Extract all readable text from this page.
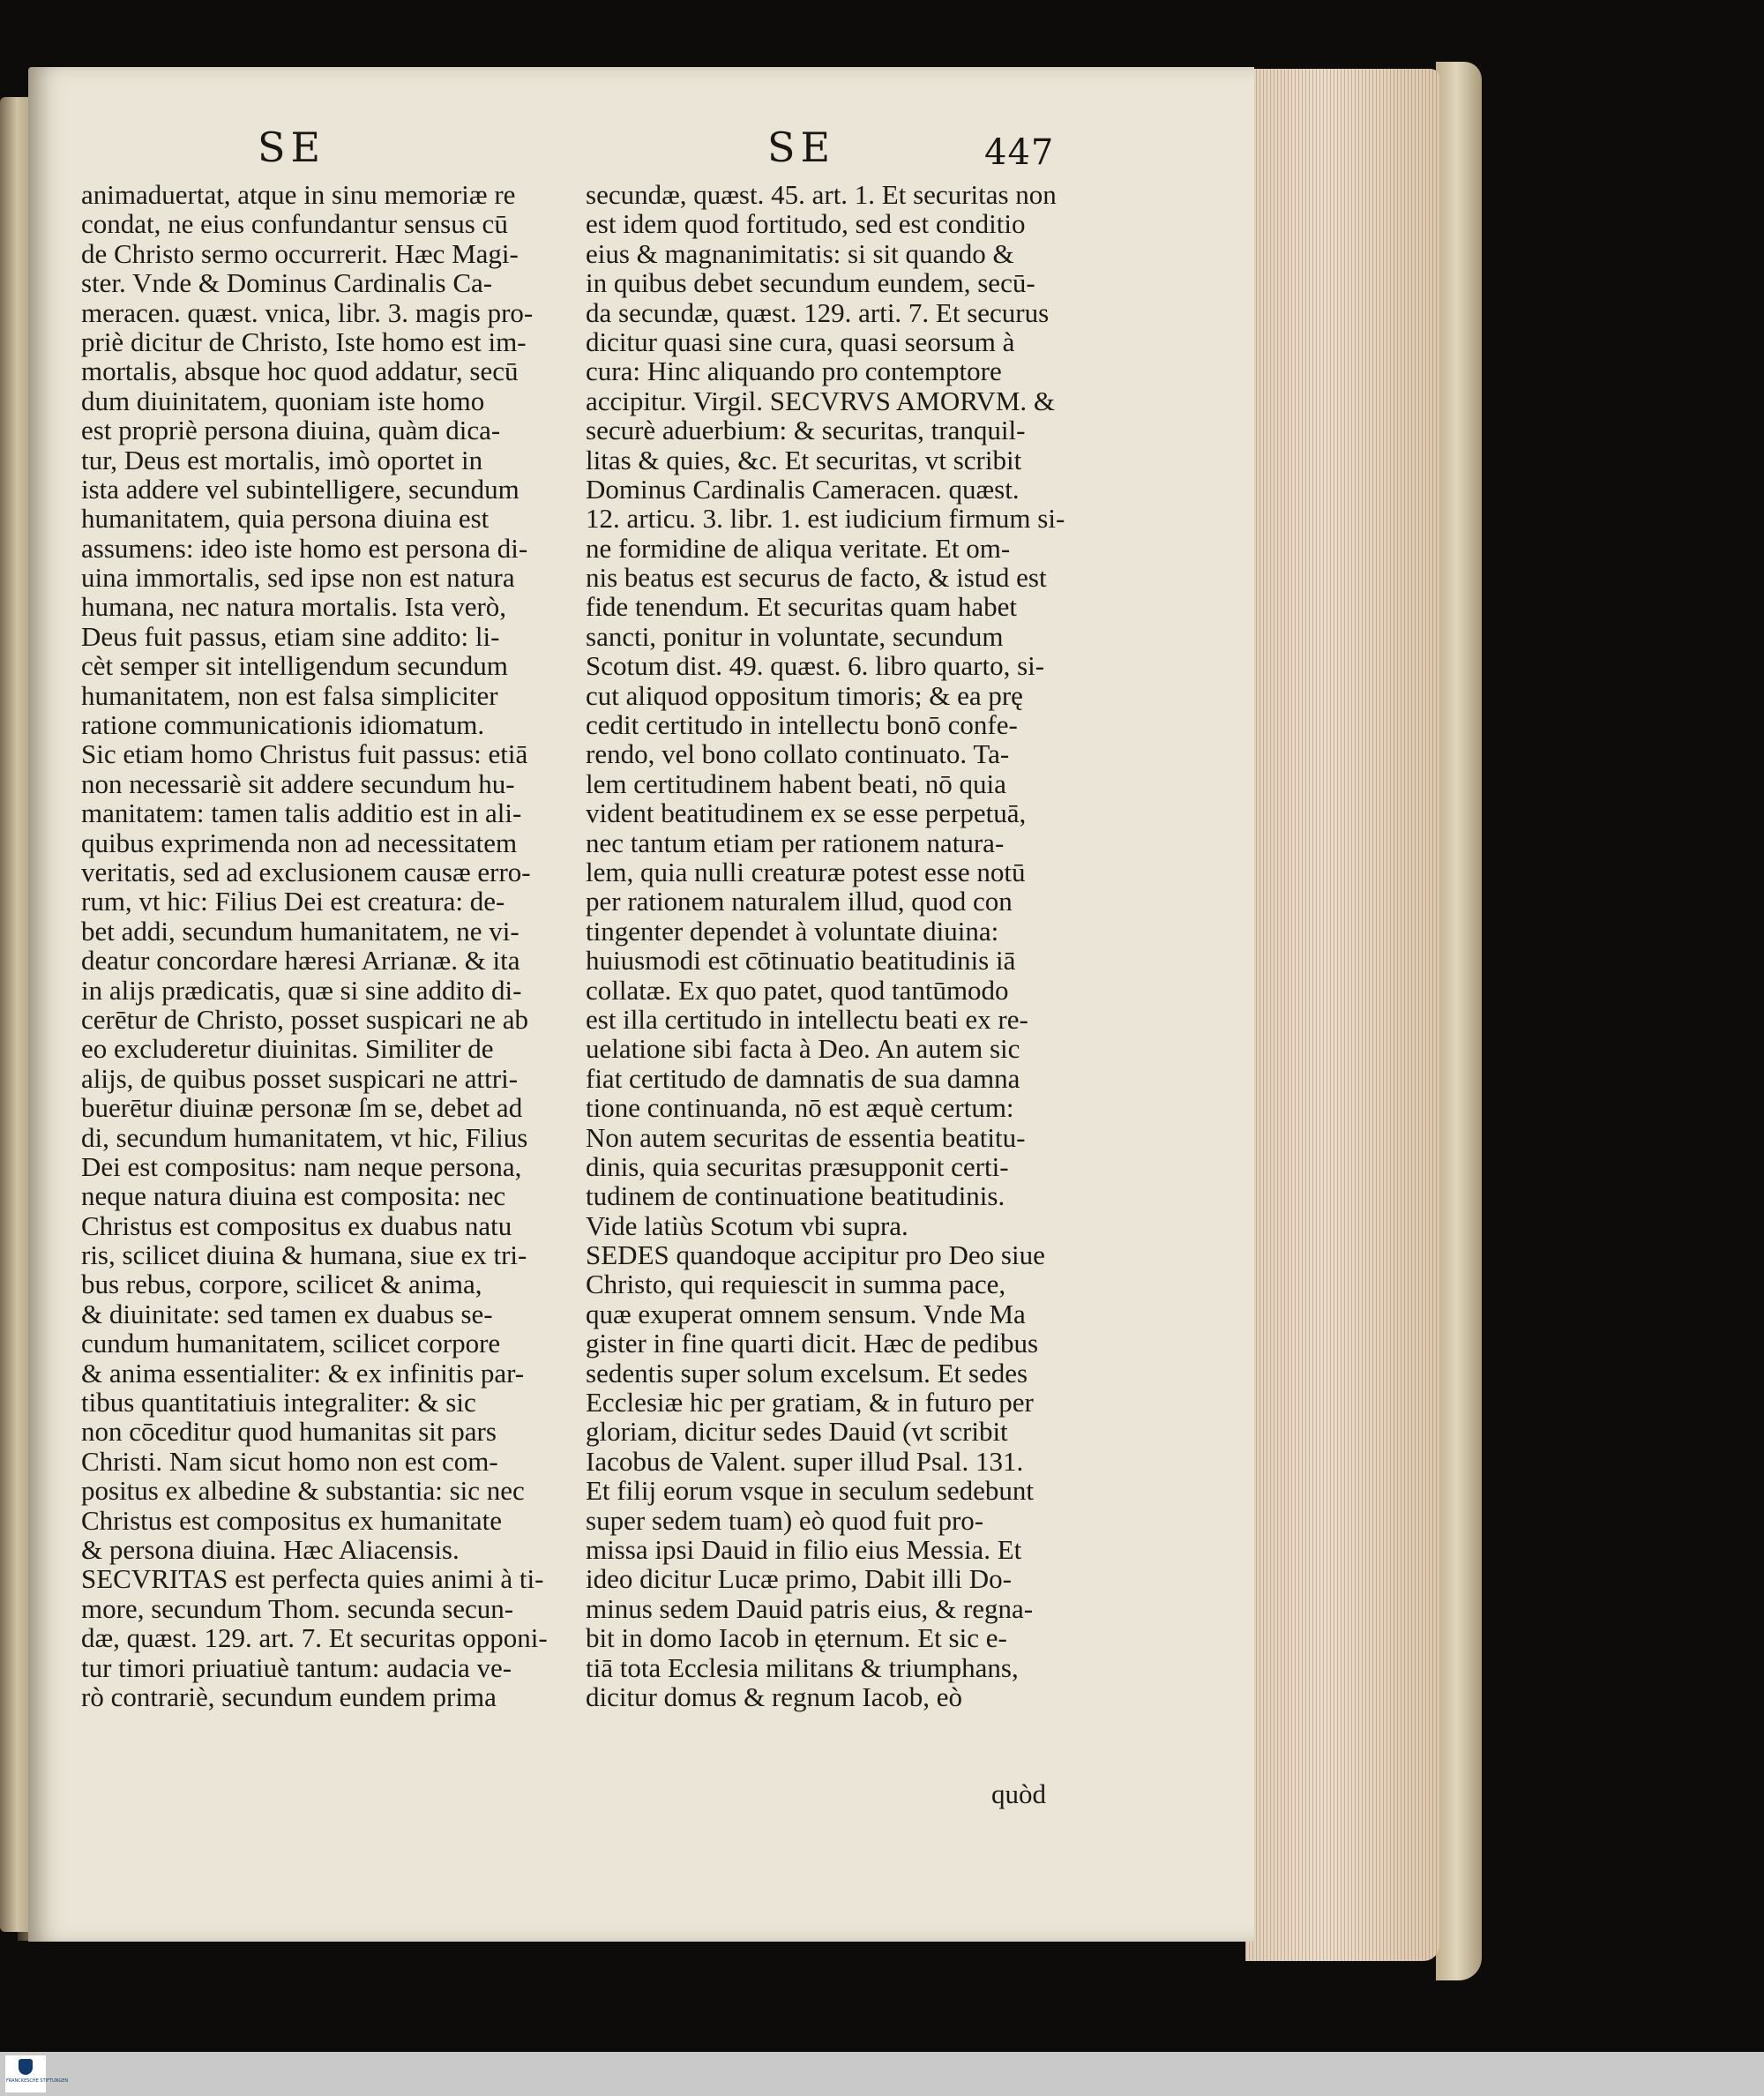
SE	SE	447
animaduertat, atque in sinu memoriæ re
condat, ne eius confundantur sensus cū
de Christo sermo occurrerit. Hæc Magi-
ster. Vnde & Dominus Cardinalis Ca-
meracen. quæst. vnica, libr. 3. magis pro-
priè dicitur de Christo, Iste homo est im-
mortalis, absque hoc quod addatur, secū
dum diuinitatem, quoniam iste homo
est propriè persona diuina, quàm dica-
tur, Deus est mortalis, imò oportet in
ista addere vel subintelligere, secundum
humanitatem, quia persona diuina est
assumens: ideo iste homo est persona di-
uina immortalis, sed ipse non est natura
humana, nec natura mortalis. Ista verò,
Deus fuit passus, etiam sine addito: li-
cèt semper sit intelligendum secundum
humanitatem, non est falsa simpliciter
ratione communicationis idiomatum.
Sic etiam homo Christus fuit passus: etiā
non necessariè sit addere secundum hu-
manitatem: tamen talis additio est in ali-
quibus exprimenda non ad necessitatem
veritatis, sed ad exclusionem causæ erro-
rum, vt hic: Filius Dei est creatura: de-
bet addi, secundum humanitatem, ne vi-
deatur concordare hæresi Arrianæ. & ita
in alijs prædicatis, quæ si sine addito di-
cerētur de Christo, posset suspicari ne ab
eo excluderetur diuinitas. Similiter de
alijs, de quibus posset suspicari ne attri-
buerētur diuinæ personæ ſm se, debet ad
di, secundum humanitatem, vt hic, Filius
Dei est compositus: nam neque persona,
neque natura diuina est composita: nec
Christus est compositus ex duabus natu
ris, scilicet diuina & humana, siue ex tri-
bus rebus, corpore, scilicet & anima,
& diuinitate: sed tamen ex duabus se-
cundum humanitatem, scilicet corpore
& anima essentialiter: & ex infinitis par-
tibus quantitatiuis integraliter: & sic
non cōceditur quod humanitas sit pars
Christi. Nam sicut homo non est com-
positus ex albedine & substantia: sic nec
Christus est compositus ex humanitate
& persona diuina. Hæc Aliacensis.
SECVRITAS est perfecta quies animi à ti-
more, secundum Thom. secunda secun-
dæ, quæst. 129. art. 7. Et securitas opponi-
tur timori priuatiuè tantum: audacia ve-
rò contrariè, secundum eundem prima
secundæ, quæst. 45. art. 1. Et securitas non
est idem quod fortitudo, sed est conditio
eius & magnanimitatis: si sit quando &
in quibus debet secundum eundem, secū-
da secundæ, quæst. 129. arti. 7. Et securus
dicitur quasi sine cura, quasi seorsum à
cura: Hinc aliquando pro contemptore
accipitur. Virgil. SECVRVS AMORVM. &
securè aduerbium: & securitas, tranquil-
litas & quies, &c. Et securitas, vt scribit
Dominus Cardinalis Cameracen. quæst.
12. articu. 3. libr. 1. est iudicium firmum si-
ne formidine de aliqua veritate. Et om-
nis beatus est securus de facto, & istud est
fide tenendum. Et securitas quam habet
sancti, ponitur in voluntate, secundum
Scotum dist. 49. quæst. 6. libro quarto, si-
cut aliquod oppositum timoris; & ea prę
cedit certitudo in intellectu bonō confe-
rendo, vel bono collato continuato. Ta-
lem certitudinem habent beati, nō quia
vident beatitudinem ex se esse perpetuā,
nec tantum etiam per rationem natura-
lem, quia nulli creaturæ potest esse notū
per rationem naturalem illud, quod con
tingenter dependet à voluntate diuina:
huiusmodi est cōtinuatio beatitudinis iā
collatæ. Ex quo patet, quod tantūmodo
est illa certitudo in intellectu beati ex re-
uelatione sibi facta à Deo. An autem sic
fiat certitudo de damnatis de sua damna
tione continuanda, nō est æquè certum:
Non autem securitas de essentia beatitu-
dinis, quia securitas præsupponit certi-
tudinem de continuatione beatitudinis.
Vide latiùs Scotum vbi supra.
SEDES quandoque accipitur pro Deo siue
Christo, qui requiescit in summa pace,
quæ exuperat omnem sensum. Vnde Ma
gister in fine quarti dicit. Hæc de pedibus
sedentis super solum excelsum. Et sedes
Ecclesiæ hic per gratiam, & in futuro per
gloriam, dicitur sedes Dauid (vt scribit
Iacobus de Valent. super illud Psal. 131.
Et filij eorum vsque in seculum sedebunt
super sedem tuam) eò quod fuit pro-
missa ipsi Dauid in filio eius Messia. Et
ideo dicitur Lucæ primo, Dabit illi Do-
minus sedem Dauid patris eius, & regna-
bit in domo Iacob in ęternum. Et sic e-
tiā tota Ecclesia militans & triumphans,
dicitur domus & regnum Iacob, eò
quòd
FRANCKESCHE STIFTUNGEN
